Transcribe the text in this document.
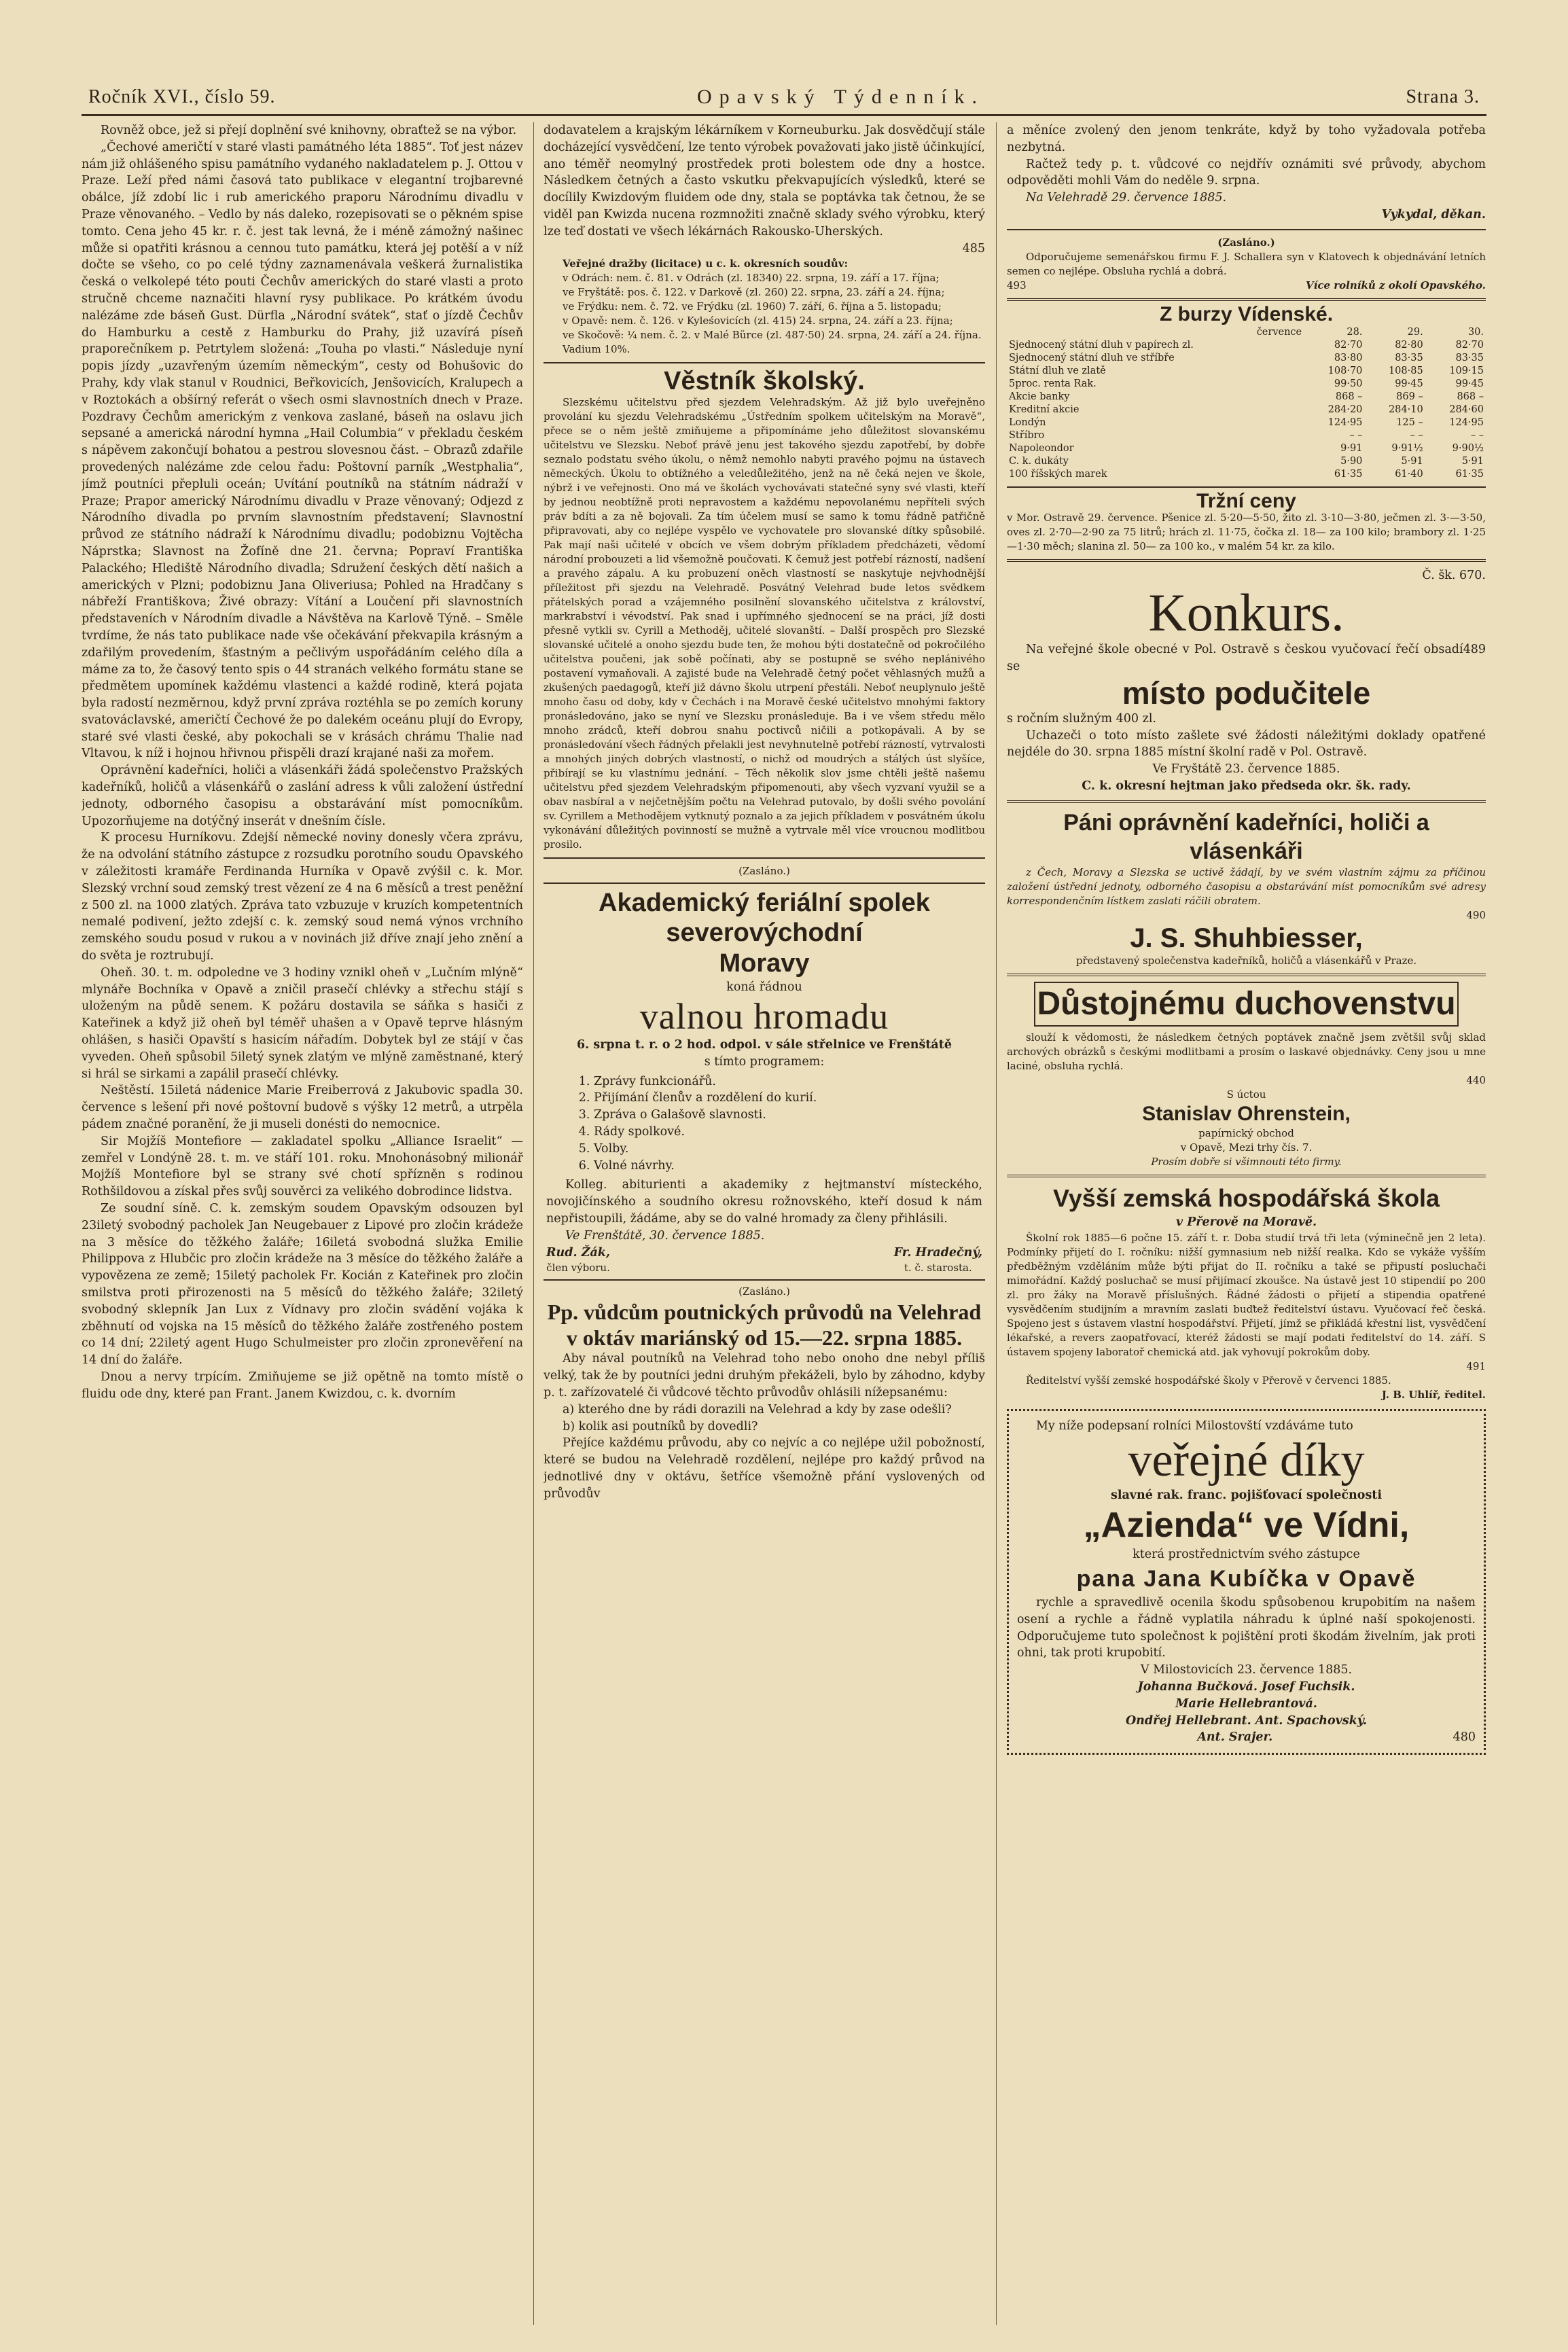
Ročník XVI., číslo 59.	Opavský Týdenník.	Strana 3.

Rovněž obce, jež si přejí doplnění své knihovny, obraťtež se na výbor.

„Čechové američtí v staré vlasti památného léta 1885“. Toť jest název nám již ohlášeného spisu památního vydaného nakladatelem p. J. Ottou v Praze. Leží před námi časová tato publikace v elegantní trojbarevné obálce, jíž zdobí lic i rub amerického praporu Národnímu divadlu v Praze věnovaného. – Vedlo by nás daleko, rozepisovati se o pěkném spise tomto. Cena jeho 45 kr. r. č. jest tak levná, že i méně zámožný našinec může si opatřiti krásnou a cennou tuto památku, která jej potěší a v níž dočte se všeho, co po celé týdny zaznamenávala veškerá žurnalistika česká o velkolepé této pouti Čechův amerických do staré vlasti a proto stručně chceme naznačiti hlavní rysy publikace. Po krátkém úvodu nalézáme zde báseň Gust. Dürfla „Národní svátek“, stať o jízdě Čechův do Hamburku a cestě z Hamburku do Prahy, již uzavírá píseň praporečníkem p. Petrtylem složená: „Touha po vlasti.“ Následuje nyní popis jízdy „uzavřeným územím německým“, cesty od Bohušovic do Prahy, kdy vlak stanul v Roudnici, Beřkovicích, Jenšovicích, Kralupech a v Roztokách a obšírný referát o všech osmi slavnostních dnech v Praze. Pozdravy Čechům americkým z venkova zaslané, báseň na oslavu jich sepsané a americká národní hymna „Hail Columbia“ v překladu českém s nápěvem zakončují bohatou a pestrou slovesnou část. – Obrazů zdařile provedených nalézáme zde celou řadu: Poštovní parník „Westphalia“, jímž poutníci přepluli oceán; Uvítání poutníků na státním nádraží v Praze; Prapor americký Národnímu divadlu v Praze věnovaný; Odjezd z Národního divadla po prvním slavnostním představení; Slavnostní průvod ze státního nádraží k Národnímu divadlu; podobiznu Vojtěcha Náprstka; Slavnost na Žofíně dne 21. června; Popraví Františka Palackého; Hlediště Národního divadla; Sdružení českých dětí našich a amerických v Plzni; podobiznu Jana Oliveriusa; Pohled na Hradčany s nábřeží Františkova; Živé obrazy: Vítání a Loučení při slavnostních představeních v Národním divadle a Návštěva na Karlově Týně. – Směle tvrdíme, že nás tato publikace nade vše očekávání překvapila krásným a zdařilým provedením, šťastným a pečlivým uspořádáním celého díla a máme za to, že časový tento spis o 44 stranách velkého formátu stane se předmětem upomínek každému vlastenci a každé rodině, která pojata byla radostí nezměrnou, když první zpráva roztéhla se po zemích koruny svatováclavské, američtí Čechové že po dalekém oceánu plují do Evropy, staré své vlasti české, aby pokochali se v krásách chrámu Thalie nad Vltavou, k níž i hojnou hřivnou přispěli drazí krajané naši za mořem.

Oprávnění kadeřníci, holiči a vlásenkáři žádá společenstvo Pražských kadeřníků, holičů a vlásenkářů o zaslání adress k vůli založení ústřední jednoty, odborného časopisu a obstarávání míst pomocníkům. Upozorňujeme na dotýčný inserát v dnešním čísle.

K procesu Hurníkovu. Zdejší německé noviny donesly včera zprávu, že na odvolání státního zástupce z rozsudku porotního soudu Opavského v záležitosti kramáře Ferdinanda Hurníka v Opavě zvýšil c. k. Mor. Slezský vrchní soud zemský trest vězení ze 4 na 6 měsíců a trest peněžní z 500 zl. na 1000 zlatých. Zpráva tato vzbuzuje v kruzích kompetentních nemalé podivení, ježto zdejší c. k. zemský soud nemá výnos vrchního zemského soudu posud v rukou a v novinách již dříve znají jeho znění a do světa je roztrubují.

Oheň. 30. t. m. odpoledne ve 3 hodiny vznikl oheň v „Lučním mlýně“ mlynáře Bochníka v Opavě a zničil prasečí chlévky a střechu stájí s uloženým na půdě senem. K požáru dostavila se sáňka s hasiči z Kateřinek a když již oheň byl téměř uhašen a v Opavě teprve hlásným ohlášen, s hasiči Opavští s hasicím nářadím. Dobytek byl ze stájí v čas vyveden. Oheň spůsobil 5iletý synek zlatým ve mlýně zaměstnané, který si hrál se sirkami a zapálil prasečí chlévky.

Neštěstí. 15iletá nádenice Marie Freiberrová z Jakubovic spadla 30. července s lešení při nové poštovní budově s výšky 12 metrů, a utrpěla pádem značné poranění, že ji museli donésti do nemocnice.

Sir Mojžíš Montefiore — zakladatel spolku „Alliance Israelit“ — zemřel v Londýně 28. t. m. ve stáří 101. roku. Mnohonásobný milionář Mojžíš Montefiore byl se strany své chotí spřízněn s rodinou Rothšildovou a získal přes svůj souvěrci za velikého dobrodince lidstva.

Ze soudní síně. C. k. zemským soudem Opavským odsouzen byl 23iletý svobodný pacholek Jan Neugebauer z Lipové pro zločin krádeže na 3 měsíce do těžkého žaláře; 16iletá svobodná služka Emilie Philippova z Hlubčic pro zločin krádeže na 3 měsíce do těžkého žaláře a vypovězena ze země; 15iletý pacholek Fr. Kocián z Kateřinek pro zločin smilstva proti přirozenosti na 5 měsíců do těžkého žaláře; 32iletý svobodný sklepník Jan Lux z Vídnavy pro zločin svádění vojáka k zběhnutí od vojska na 15 měsíců do těžkého žaláře zostřeného postem co 14 dní; 22iletý agent Hugo Schulmeister pro zločin zpronevěření na 14 dní do žaláře.

Dnou a nervy trpícím. Zmiňujeme se již opětně na tomto místě o fluidu ode dny, které pan Frant. Janem Kwizdou, c. k. dvorním

dodavatelem a krajským lékárníkem v Korneuburku. Jak dosvědčují stále docházející vysvědčení, lze tento výrobek považovati jako jistě účinkující, ano téměř neomylný prostředek proti bolestem ode dny a hostce. Následkem četných a často vskutku překvapujících výsledků, které se docílily Kwizdovým fluidem ode dny, stala se poptávka tak četnou, že se viděl pan Kwizda nucena rozmnožiti značně sklady svého výrobku, který lze teď dostati ve všech lékárnách Rakousko-Uherských.

485

Veřejné dražby (licitace) u c. k. okresních soudův:

v Odrách: nem. č. 81. v Odrách (zl. 18340) 22. srpna, 19. září a 17. října;

ve Fryštátě: pos. č. 122. v Darkově (zl. 260) 22. srpna, 23. září a 24. října;

ve Frýdku: nem. č. 72. ve Frýdku (zl. 1960) 7. září, 6. října a 5. listopadu;

v Opavě: nem. č. 126. v Kyleśovicích (zl. 415) 24. srpna, 24. září a 23. října;

ve Skočově: ¼ nem. č. 2. v Malé Bürce (zl. 487·50) 24. srpna, 24. září a 24. října.

Vadium 10%.

Věstník školský.

Slezskému učitelstvu před sjezdem Velehradským. Až již bylo uveřejněno provolání ku sjezdu Velehradskému „Ústředním spolkem učitelským na Moravě“, přece se o něm ještě zmiňujeme a připomínáme jeho důležitost slovanskému učitelstvu ve Slezsku. Neboť právě jenu jest takového sjezdu zapotřebí, by dobře seznalo podstatu svého úkolu, o němž nemohlo nabyti pravého pojmu na ústavech německých. Úkolu to obtížného a veledůležitého, jenž na ně čeká nejen ve škole, nýbrž i ve veřejnosti. Ono má ve školách vychovávati statečné syny své vlasti, kteří by jednou neobtížně proti nepravostem a každému nepovolanému nepříteli svých práv bdíti a za ně bojovali. Za tím účelem musí se samo k tomu řádně patřičně připravovati, aby co nejlépe vyspělo ve vychovatele pro slovanské dítky spůsobilé. Pak mají naši učitelé v obcích ve všem dobrým příkladem předcházeti, vědomí národní probouzeti a lid všemožně poučovati. K čemuž jest potřebí rázností, nadšení a pravého zápalu. A ku probuzení oněch vlastností se naskytuje nejvhodnější příležitost při sjezdu na Velehradě. Posvátný Velehrad bude letos svědkem přátelských porad a vzájemného posilnění slovanského učitelstva z království, markrabství i vévodství. Pak snad i upřímného sjednocení se na práci, jíž dosti přesně vytkli sv. Cyrill a Methoděj, učitelé slovanští. – Další prospěch pro Slezské slovanské učitelé a onoho sjezdu bude ten, že mohou býti dostatečně od pokročilého učitelstva poučeni, jak sobě počínati, aby se postupně se svého neplánivého postavení vymaňovali. A zajisté bude na Velehradě četný počet věhlasných mužů a zkušených paedagogů, kteří již dávno školu utrpení přestáli. Neboť neuplynulo ještě mnoho času od doby, kdy v Čechách i na Moravě české učitelstvo mnohými faktory pronásledováno, jako se nyní ve Slezsku pronásleduje. Ba i ve všem středu mělo mnoho zrádců, kteří dobrou snahu poctivců ničili a potkopávali. A by se pronásledování všech řádných přelakli jest nevyhnutelně potřebí rázností, vytrvalosti a mnohých jiných dobrých vlastností, o nichž od moudrých a stálých úst slyšíce, přibírají se ku vlastnímu jednání. – Těch několik slov jsme chtěli ještě našemu učitelstvu před sjezdem Velehradským připomenouti, aby všech vyzvaní využil se a obav nasbíral a v nejčetnějším počtu na Velehrad putovalo, by došli svého povolání sv. Cyrillem a Methodějem vytknutý poznalo a za jejich příkladem v posvátném úkolu vykonávání důležitých povinností se mužně a vytrvale měl více vroucnou modlitbou prosilo.

(Zasláno.)
Akademický feriální spolek severovýchodní
Moravy
koná řádnou
valnou hromadu
6. srpna t. r. o 2 hod. odpol. v sále střelnice ve Frenštátě
s tímto programem:
1. Zprávy funkcionářů.
2. Přijímání členův a rozdělení do kurií.
3. Zpráva o Galašově slavnosti.
4. Rády spolkové.
5. Volby.
6. Volné návrhy.

Kolleg. abiturienti a akademiky z hejtmanství místeckého, novojičínského a soudního okresu rožnovského, kteří dosud k nám nepřistoupili, žádáme, aby se do valné hromady za členy přihlásili.

Ve Frenštátě, 30. července 1885.

Rud. Žák,
člen výboru.
Fr. Hradečný,
t. č. starosta.
(Zasláno.)
Pp. vůdcům poutnických průvodů na Velehrad v oktáv mariánský od 15.—22. srpna 1885.

Aby nával poutníků na Velehrad toho nebo onoho dne nebyl příliš velký, tak že by poutníci jedni druhým překáželi, bylo by záhodno, kdyby p. t. zařízovatelé či vůdcové těchto průvodův ohlásili nížepsanému:

a) kterého dne by rádi dorazili na Velehrad a kdy by zase odešli?

b) kolik asi poutníků by dovedli?

Přejíce každému průvodu, aby co nejvíc a co nejlépe užil pobožností, které se budou na Velehradě rozdělení, nejlépe pro každý průvod na jednotlivé dny v oktávu, šetříce všemožně přání vyslovených od průvodův

a měníce zvolený den jenom tenkráte, když by toho vyžadovala potřeba nezbytná.

Račtež tedy p. t. vůdcové co nejdřív oznámiti své průvody, abychom odpověděti mohli Vám do neděle 9. srpna.

Na Velehradě 29. července 1885.

Vykydal, děkan.
(Zasláno.)

Odporučujeme semenářskou firmu F. J. Schallera syn v Klatovech k objednávání letních semen co nejlépe. Obsluha rychlá a dobrá.

493	Více rolníků z okolí Opavského.
Z burzy Vídenské.
července	28.	29.	30.
Sjednocený státní dluh v papírech zl.	82·70	82·80	82·70
Sjednocený státní dluh ve stříbře	83·80	83·35	83·35
Státní dluh ve zlatě	108·70	108·85	109·15
5proc. renta Rak.	99·50	99·45	99·45
Akcie banky	868 –	869 –	868 –
Kreditní akcie	284·20	284·10	284·60
Londýn	124·95	125 –	124·95
Stříbro	– –	– –	– –
Napoleondor	9·91	9·91½	9·90½
C. k. dukáty	5·90	5·91	5·91
100 říšských marek	61·35	61·40	61·35
Tržní ceny

v Mor. Ostravě 29. července. Pšenice zl. 5·20—5·50, žito zl. 3·10—3·80, ječmen zl. 3·—3·50, oves zl. 2·70—2·90 za 75 litrů; hrách zl. 11·75, čočka zl. 18— za 100 kilo; brambory zl. 1·25—1·30 měch; slanina zl. 50— za 100 ko., v malém 54 kr. za kilo.

Č. šk. 670.
Konkurs.

Na veřejné škole obecné v Pol. Ostravě s českou vyučovací řečí obsadí se

489
místo podučitele

s ročním služným 400 zl.

Uchazeči o toto místo zašlete své žádosti náležitými doklady opatřené nejdéle do 30. srpna 1885 místní školní radě v Pol. Ostravě.

Ve Fryštátě 23. července 1885.
C. k. okresní hejtman jako předseda okr. šk. rady.
Páni oprávnění kadeřníci, holiči a vlásenkáři

z Čech, Moravy a Slezska se uctivě žádají, by ve svém vlastním zájmu za příčinou založení ústřední jednoty, odborného časopisu a obstarávání míst pomocníkům své adresy korrespondenčním lístkem zaslati ráčili obratem.

490
J. S. Shuhbiesser,
představený společenstva kadeřníků, holičů a vlásenkářů v Praze.
Důstojnému duchovenstvu

slouží k vědomosti, že následkem četných poptávek značně jsem zvětšil svůj sklad archových obrázků s českými modlitbami a prosím o laskavé objednávky. Ceny jsou u mne laciné, obsluha rychlá.

440
S úctou
Stanislav Ohrenstein,
papírnický obchod
v Opavě, Mezi trhy čís. 7.
Prosím dobře si všimnouti této firmy.
Vyšší zemská hospodářská škola
v Přerově na Moravě.

Školní rok 1885—6 počne 15. září t. r. Doba studií trvá tři leta (výminečně jen 2 leta). Podmínky přijetí do I. ročníku: nižší gymnasium neb nižší realka. Kdo se vykáže vyšším předběžným vzděláním může býti přijat do II. ročníku a také se připustí posluchači mimořádní. Každý posluchač se musí přijímací zkoušce. Na ústavě jest 10 stipendií po 200 zl. pro žáky na Moravě příslušných. Řádné žádosti o přijetí a stipendia opatřené vysvědčením studijním a mravním zaslati buďtež ředitelství ústavu. Vyučovací řeč česká. Spojeno jest s ústavem vlastní hospodářství. Přijetí, jímž se přikládá křestní list, vysvědčení lékařské, a revers zaopatřovací, kteréž žádosti se mají podati ředitelství do 14. září. S ústavem spojeny laboratoř chemická atd. jak vyhovují pokrokům doby.

491

Ředitelství vyšší zemské hospodářské školy v Přerově v červenci 1885.

J. B. Uhlíř, ředitel.

My níže podepsaní rolníci Milostovští vzdáváme tuto

veřejné díky
slavné rak. franc. pojišťovací společnosti
„Azienda“ ve Vídni,
která prostřednictvím svého zástupce
pana Jana Kubíčka v Opavě

rychle a spravedlivě ocenila škodu spůsobenou krupobitím na našem osení a rychle a řádně vyplatila náhradu k úplné naší spokojenosti. Odporučujeme tuto společnost k pojištění proti škodám živelním, jak proti ohni, tak proti krupobití.

V Milostovicích 23. července 1885.
Johanna Bučková. Josef Fuchsik.
Marie Hellebrantová.
Ondřej Hellebrant. Ant. Spachovský.
Ant. Srajer.	480
